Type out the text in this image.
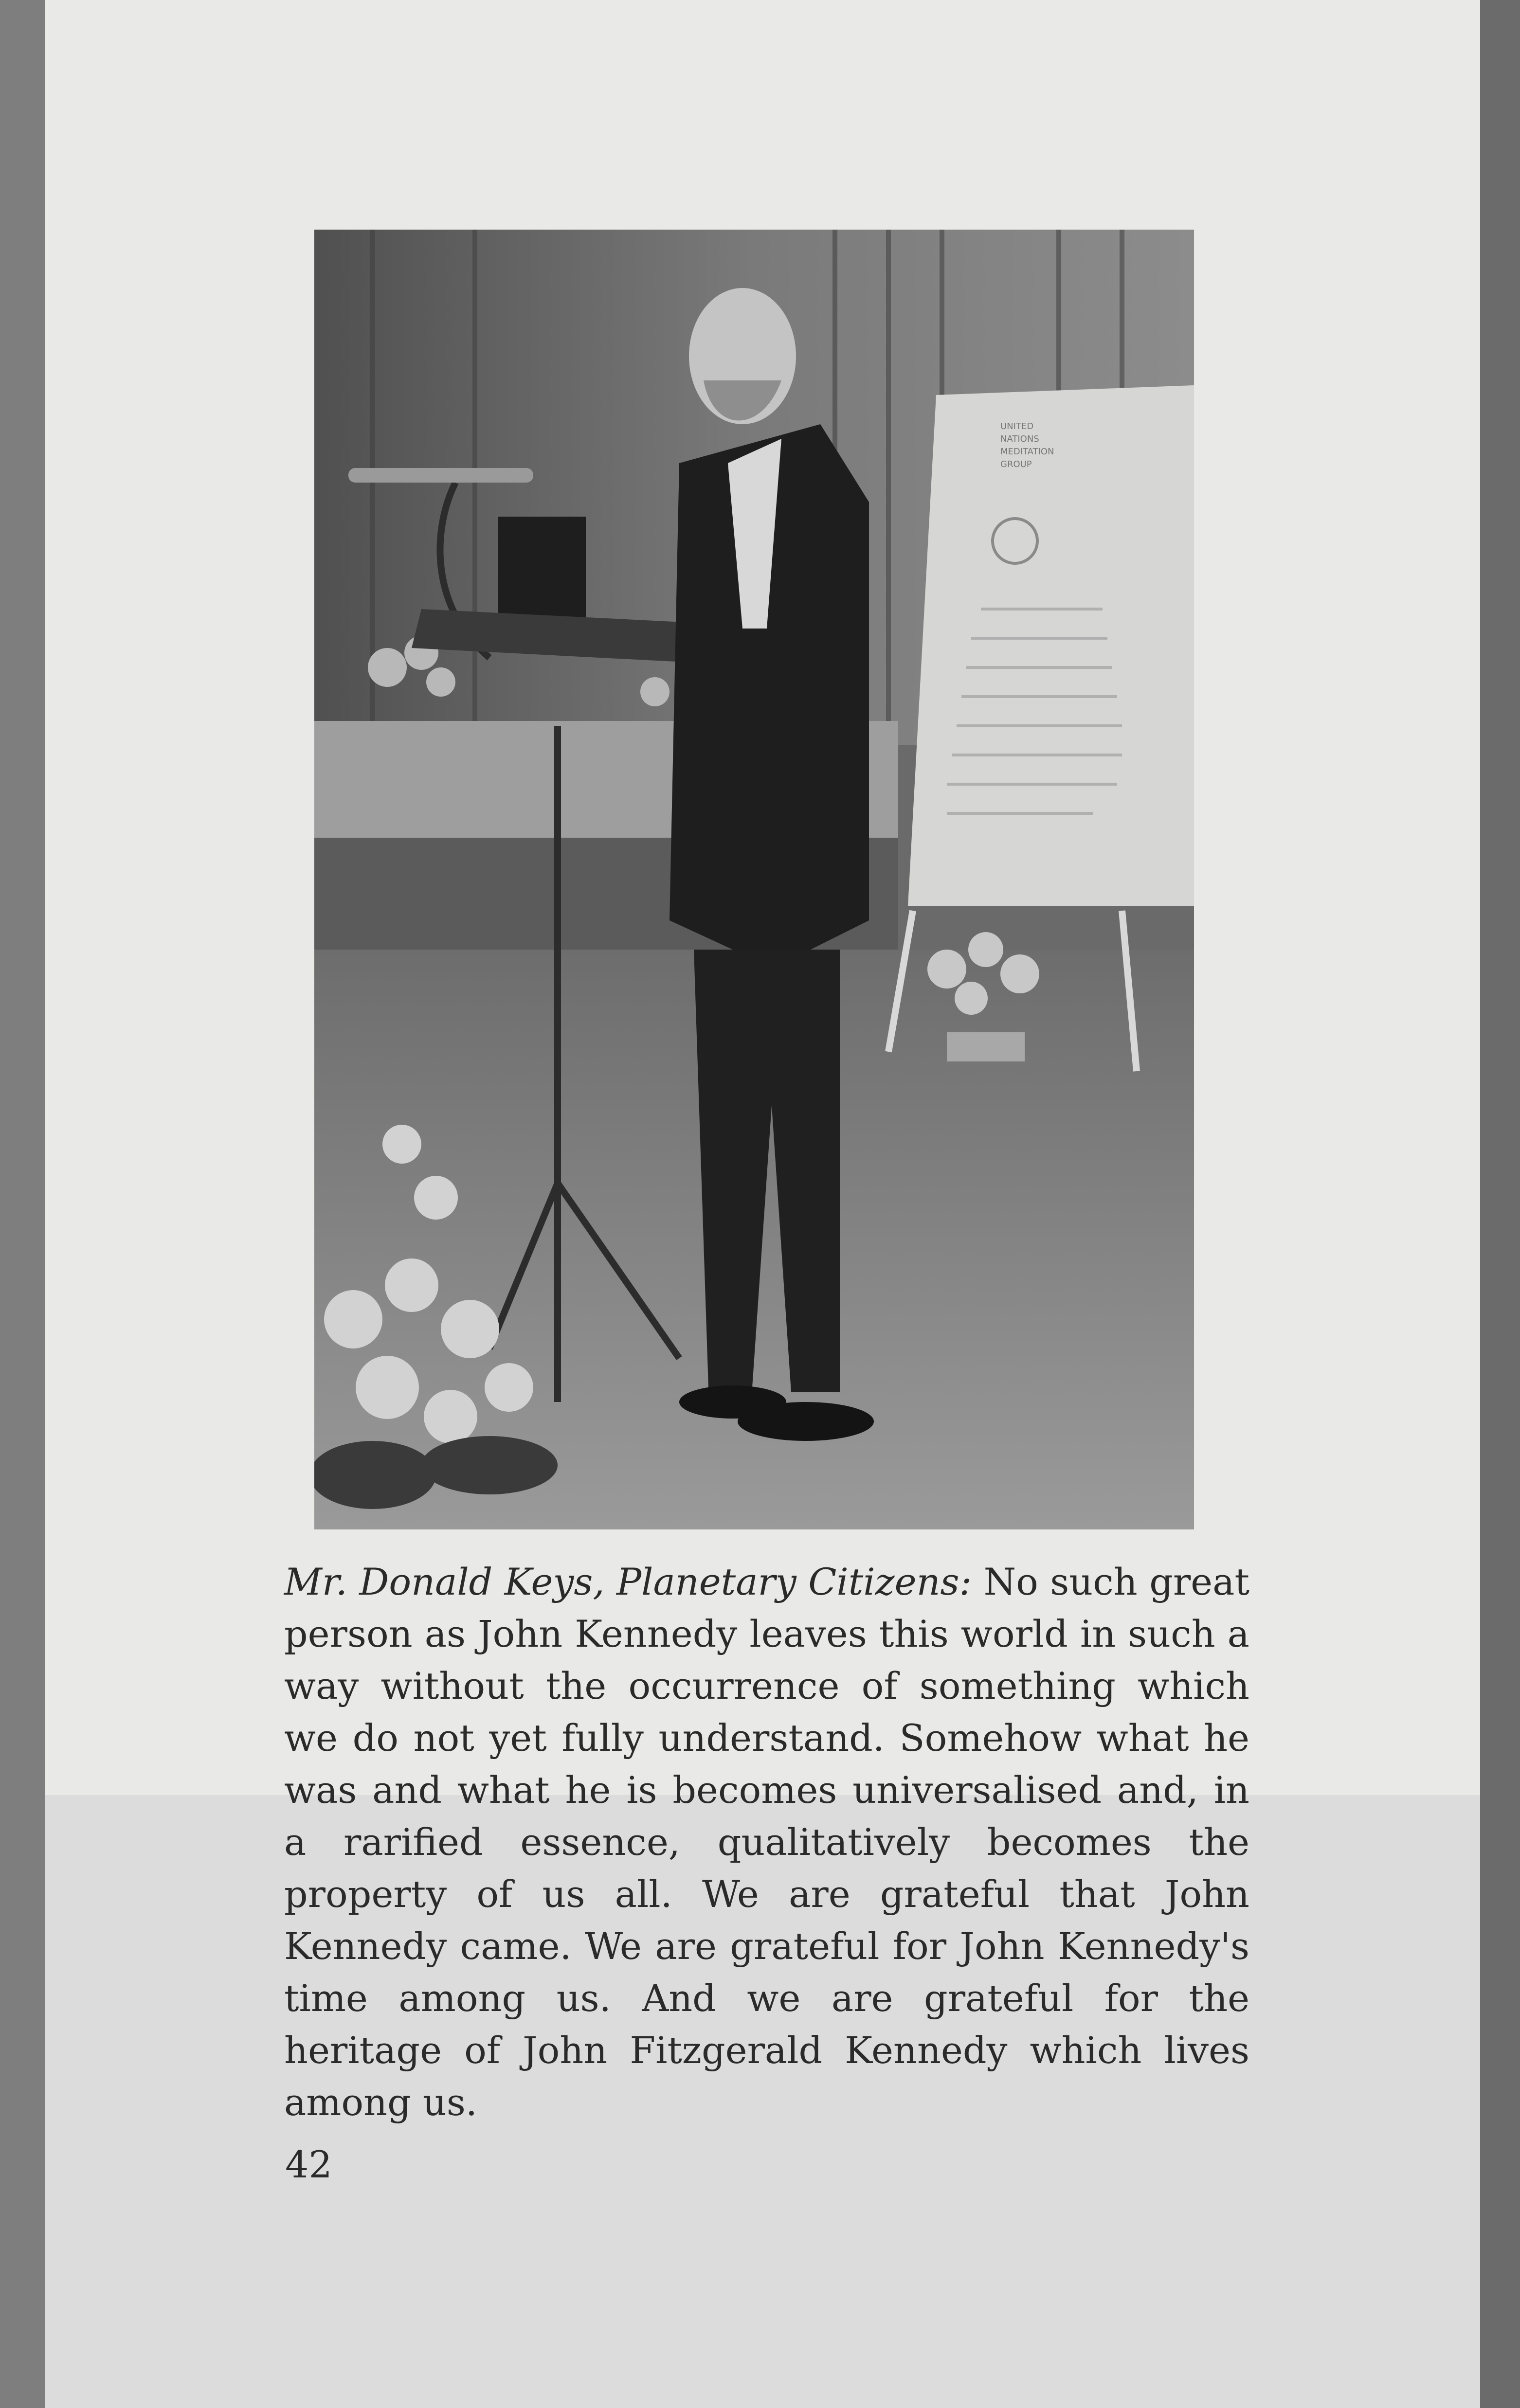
UNITED
NATIONS
MEDITATION
GROUP

Mr. Donald Keys, Planetary Citizens: No such great person as John Kennedy leaves this world in such a way without the occurrence of something which we do not yet fully understand. Somehow what he was and what he is becomes universalised and, in a rarified essence, qualitatively becomes the property of us all. We are grateful that John Kennedy came. We are grateful for John Kennedy's time among us. And we are grateful for the heritage of John Fitzgerald Kennedy which lives among us.

42
